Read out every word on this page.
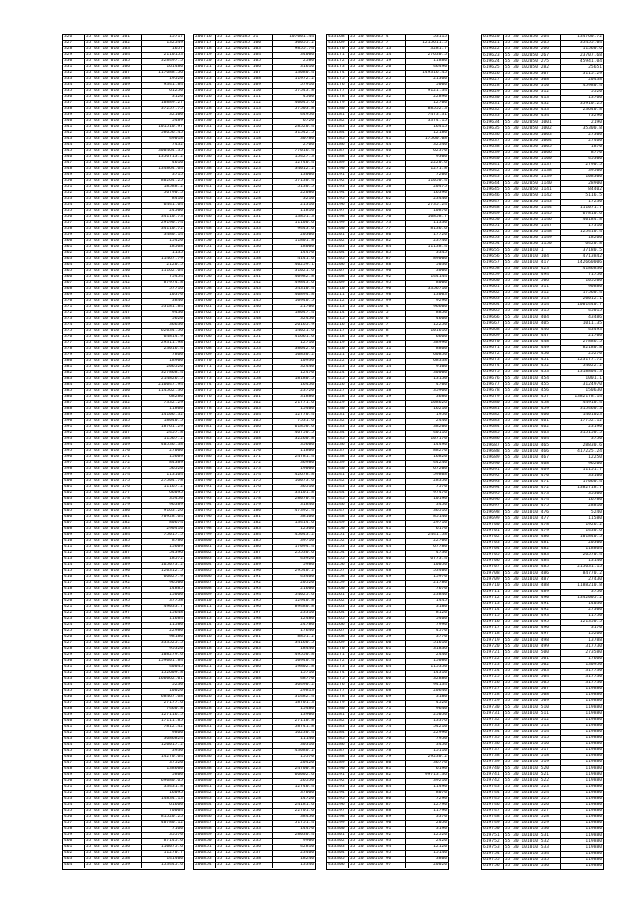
326	55 03 10 010 101	15717
327	55 03 10 010 102	132549
328	55 03 10 010 103	1657
329	55 03 10 010 104	2110153
330	55 03 10 010 105	328497.5
331	55 03 10 010 106	161480
332	55 03 10 010 107	117688.56
333	55 03 10 010 108	19520
334	55 03 10 010 109	9341.84
335	55 03 10 010 110	61250
336	55 03 10 010 111	3120
337	55 03 10 010 112	10889.27
338	55 03 10 010 113	37257.75
339	55 03 10 010 114	32100
340	55 03 10 010 115	5489
341	55 03 10 010 116	101510.97
342	55 03 10 010 117	58656.45
343	55 03 10 010 118	49018
344	55 03 10 010 119	7432
345	55 03 10 010 120	300464.35
346	55 03 10 010 121	1356713.2
347	55 03 10 010 122	4610
348	55 03 10 010 123	134864.64
349	55 03 10 010 124	3715
350	55 03 10 010 125	80264.25
351	55 03 10 010 126	18588.2
352	55 03 10 010 127	56790.5
353	55 03 10 010 128	8410
354	55 03 10 010 129	6441.64
355	55 03 10 010 130	24500
356	55 03 10 010 131	34110.73
357	55 03 10 010 132	29190.74
358	55 03 10 010 133	34110.72
359	55 03 10 010 134	3480.14
360	55 03 10 010 135	15420
361	55 03 10 010 136	18568
362	55 03 10 010 137	1135
363	55 03 10 010 138	11467.79
364	55 03 10 010 139	2120.5
365	55 03 10 010 140	11162.64
366	55 03 10 010 141	75454
367	55 03 10 010 142	87974.8
368	55 03 10 010 143	57716
369	55 03 10 010 144	10370
370	55 03 10 010 145	3840
371	55 03 10 010 146	53181.84
372	55 03 10 010 147	9430
373	55 03 10 010 148	5620
374	55 03 10 010 149	36630
375	55 03 10 010 150	62034.56
376	55 03 10 010 151	64814.9
377	55 03 10 010 152	29311.98
378	55 03 10 010 153	23016.4
379	55 03 10 010 154	7860
380	55 03 10 010 155	18900
381	55 03 10 010 156	206520
382	55 03 10 010 157	327868.4
383	55 03 10 010 158	214826.5
384	55 03 10 010 159	216047.94
385	55 03 10 010 160	114562.36
386	55 03 10 010 161	68280
387	55 03 10 010 162	7332.29
388	55 03 10 010 163	11800
389	55 03 10 010 164	14106.32
390	55 03 10 010 165	18040.5
391	55 03 10 010 166	18761.29
392	55 03 10 010 167	2457.8
393	55 03 10 010 168	11567.2
394	55 03 10 010 169	40536.38
395	55 03 10 010 170	27000
396	55 03 10 010 171	15609
397	55 03 10 010 172	84389
398	55 03 10 010 173	56520
399	55 03 10 010 174	113164
400	55 03 10 010 175	27504.78
401	55 03 10 010 176	11167.2
402	55 03 10 010 177	66095
403	55 03 10 010 178	35450
404	55 03 10 010 179	96389
405	55 03 10 010 180	9163.26
406	55 03 10 010 181	70928.64
407	55 03 10 010 182	80674
408	55 03 10 010 183	290410
409	55 03 10 010 184	75017.5
410	55 03 10 010 185	8780
411	55 03 10 010 186	15609
412	55 03 10 010 187	54396
413	55 03 10 010 188	18572
414	55 03 10 010 189	165073.2
415	55 03 10 010 190	120312.5
416	55 03 10 010 191	66027.9
417	55 03 10 010 192	96500
418	55 03 10 010 193	14885
419	55 03 10 010 194	15060
420	55 03 10 010 195	37758
421	55 03 10 010 196	49033.7
422	55 03 10 010 197	15648
423	55 03 10 010 198	11684
424	55 03 10 010 199	11580
425	55 03 10 010 200	22980
426	55 03 10 010 201	98180
427	55 03 10 010 202	333525.5
428	55 03 10 010 203	95320
429	55 03 10 010 204	108279.6
430	55 03 10 010 205	159001.84
431	55 03 10 010 206	40045
432	55 03 10 010 207	152609.8
433	55 03 10 010 208	166062.01
434	55 03 10 010 209	5230
435	55 03 10 010 210	10020
436	55 03 10 010 211	68467.68
437	55 03 10 010 212	27177.6
438	55 03 10 010 213	7460.8
439	55 03 10 010 214	127116.5
440	55 03 10 010 215	17111.85
441	55 03 10 010 216	7812.42
442	55 03 10 010 217	9860
443	55 03 10 010 218	3686824
444	55 03 10 010 219	120017.2
445	55 03 10 010 220	3930
446	55 03 10 010 221	14270.64
447	55 03 10 010 222	37520
448	55 03 10 010 223	138600
449	55 03 10 010 224	5800
450	55 03 10 010 225	69080.65
451	55 03 10 010 226	33431.8
452	55 03 10 010 227	16095
453	55 03 10 010 228	14834.13
454	55 03 10 010 229	61660
455	55 03 10 010 230	70004
456	55 03 10 010 231	81520.25
457	55 03 10 010 232	40780.12
458	55 03 10 010 233	7160
459	55 03 10 010 234	35570
460	55 03 10 010 235	87145.6
461	55 03 10 010 236	110075.6
462	55 03 10 010 237	11270.7
463	55 03 10 010 238	141400
464	55 03 10 010 239	153445.6
206716	55 12 290185 51	107001.44
206717	55 12 290185 100	30055.2
206718	55 12 290201 103	9855.74
206719	55 12 290201 104	34000
206720	55 12 290201 105	2580
206721	55 12 290201 106	31610
206722	55 12 290201 107	13080.4
206723	55 12 290201 108	11972.2
206724	55 12 290201 109	57910
206725	55 12 290201 110	57543.8
206726	55 12 290201 111	4560
206727	55 12 290201 112	40045.6
206728	55 12 290201 113	57503.8
206729	55 12 290201 114	44950
206730	55 12 290201 115	6720
206731	55 12 290201 116	28520.4
206732	55 12 290201 117	31542.5
206733	55 12 290201 118	30780
206734	55 12 290201 119	2760
206735	55 12 290201 120	77016.4
206736	55 12 290201 121	15427.3
206737	55 12 290201 122	12740.4
206738	55 12 290201 123	34012.2
206739	55 12 290201 124	13000
206740	55 12 290201 125	57130.4
206741	55 12 290201 126	5130.5
206742	55 12 290201 127	22080
206743	55 12 290201 128	3210
206744	55 12 290201 129	21310
206745	55 12 290201 130	11810
206746	55 12 290201 131	13851.3
206747	55 12 290201 132	11100.6
206748	55 12 290201 133	9443.6
206749	55 12 290201 134	20300
206750	55 12 290201 135	11801.8
206751	55 12 290201 136	18000
206752	55 12 290201 137	14470
206753	55 12 290201 138	4141.6
206754	55 12 290201 139	40259.1
206755	55 12 290201 140	31021.6
206756	55 12 290201 141	40982.8
206757	55 12 290201 142	49843.6
206758	55 12 290201 143	54310.4
206759	55 12 290201 144	40894.8
206760	55 12 290201 145	10940.5
206761	55 12 290201 146	21700
206762	55 12 290201 147	18047.4
206763	55 12 290201 148	32450
206764	55 12 290201 149	26165.9
206765	55 12 290201 150	14021.6
206766	55 12 290201 151	41661.6
206767	55 12 290201 152	12710
206768	55 12 290201 153	38042.6
206769	55 12 290201 154	10830.2
206770	55 12 290201 155	10930
206771	55 12 290201 156	32440
206772	55 12 290201 157	12470
206773	55 12 290201 158	18180.5
206774	55 12 290201 159	16450
206775	55 12 290201 160	23720
206776	55 12 290201 161	31880
206777	55 12 290201 162	21771.6
206778	55 12 290201 163	15400
206779	55 12 290201 164	12770.4
206780	55 12 290201 165	7531.6
206781	55 12 290201 166	61850.6
206782	55 12 290201 167	46750.5
206783	55 12 290201 168	32260.8
206784	55 12 290201 169	35600
206785	55 12 290201 170	11800
206786	55 12 290201 171	24781.4
206787	55 12 290201 172	36980
206788	55 12 290201 173	19000
206789	55 12 290201 174	42678.8
206790	55 12 290201 175	16073.6
206791	55 12 290201 176	36510
206792	55 12 290201 177	33101.8
206793	55 12 290201 178	28070.4
206794	55 12 290201 179	31840
206795	55 12 290201 180	47392.4
206796	55 12 290201 181	38160
206797	55 12 290201 182	13414.6
206798	55 12 290201 183	12360
206799	55 12 290201 184	45043.2
206800	55 12 290201 185	39710
206801	55 12 290201 186	17094.4
206802	55 12 290201 187	25530.6
206803	55 12 290201 188	43920
206804	55 12 290201 189	5980
206805	55 12 290201 190	29540.2
206806	55 12 290201 191	43460
206807	55 12 290201 192	20520
206808	55 12 290201 193	21600
206809	55 12 290201 194	54025.6
206810	55 12 290201 195	12940.8
206811	55 12 290201 196	89480.8
206812	55 12 290201 197	23310
206813	55 12 290201 198	12480
206814	55 12 290201 199	24780
206815	55 12 290201 200	17640
206816	55 12 290201 201	8851.2
206817	55 12 290201 202	34160.5
206818	55 12 290201 203	18440
206819	55 12 290201 204	49550.8
206820	55 12 290201 205	10940.4
206821	55 12 290201 206	19802.8
206822	55 12 290201 207	15710
206823	55 12 290201 208	48770
206824	55 12 290201 209	36490.2
206825	55 12 290201 210	29813
206826	55 12 290201 211	31482.4
206827	55 12 290201 212	18701.3
206828	55 12 290201 213	15480
206829	55 12 290201 214	13900
206830	55 12 290201 215	27110.8
206831	55 12 290201 216	58741.8
206832	55 12 290201 217	16230.4
206833	55 12 290201 218	11140
206834	55 12 290201 219	30310
206835	55 12 290201 220	43080.2
206836	55 12 290201 221	15570
206837	55 12 290201 222	20420
206838	55 12 290201 223	24700.8
206839	55 12 290201 224	66002.6
206840	55 12 290201 225	26550
206841	55 12 290201 226	12740.4
206842	55 12 290201 227	37060
206843	55 12 290201 228	14720
206844	55 12 290201 229	24181.6
206845	55 12 290201 230	22701.6
206846	55 12 290201 231	38450
206847	55 12 290201 232	51751.4
206848	55 12 290201 233	14470
206849	55 12 290201 234	28030.4
206850	55 12 290201 235	9900
206851	55 12 290201 236	42810
206852	55 12 290201 237	23460
206853	55 12 290201 238	18240
206854	55 12 290201 239	13340
433168	55 20 080505 4	53115
433169	55 20 080505 7	1215611.5
433170	55 20 080505 13	3281.7
433171	55 20 080505 14	27630.5
433172	55 20 080505 19	11880
433173	55 20 080505 20	46490
433174	55 20 080505 22	149316.45
433175	55 20 080505 25	21360
433176	55 20 080505 27	5000
433177	55 20 080505 28	9121.34
433178	55 20 080505 32	22890
433179	55 20 080505 33	12700
433180	55 20 080505 35	88552.3
433181	55 20 080505 36	7473.31
433182	55 20 080505 37	3374.15
433183	55 20 080505 39	16415
433184	55 20 080505 40	12180
433185	55 20 080505 41	17560.08
433186	55 20 080505 44	32540
433187	55 20 080505 46	62370
433188	55 20 080505 47	9300
433189	55 20 080505 51	2220.6
433190	55 20 080505 52	1271.8
433191	55 20 080505 55	7200
433192	55 20 080505 56	11050.4
433193	55 20 080505 58	20475
433194	55 20 080505 60	16390
433195	55 20 080505 62	23440
433196	55 20 080505 65	2735.24
433197	55 20 080505 66	10870
433198	55 20 080505 70	10858.7
433199	55 20 080505 73	11330
433200	55 20 080505 77	8136.6
433201	55 20 080505 80	17720
433202	55 20 080505 82	23740
433203	55 20 080505 84	11138.4
433204	55 20 080505 85	3345
433205	55 20 080505 87	89000
433206	55 20 080505 88	5030
433207	55 20 080505 90	3000
433208	55 20 080505 92	144144
433209	55 20 080505 95	8000
433210	55 20 080505 96	3356710
433211	55 20 080505 98	13003
433212	55 20 080505 99	9290
433213	55 20 100110 4	96600
433214	55 20 100110 5	8850
433215	55 20 100110 6	4660
433216	55 20 100110 7	12250
433217	55 20 100110 8	101616
433218	55 20 100110 9	6660
433219	55 20 100110 10	38990
433220	55 20 100110 11	8860
433221	55 20 100110 12	60850
433222	55 20 100110 13	68338
433223	55 20 100110 14	9100
433224	55 20 100110 15	30000
433225	55 20 100110 16	13150
433226	55 20 100110 17	4700
433227	55 20 100110 18	35960
433228	55 20 100110 19	3680
433229	55 20 100110 20	108626
433230	55 20 100110 21	16210
433231	55 20 100110 22	1950
433232	55 20 100110 23	2440
433233	55 20 100110 24	38200
433234	55 20 100110 25	40116
433235	55 20 100110 26	107170
433236	55 20 100110 27	14490
433237	55 20 100110 28	88270
433238	55 20 100110 29	16820
433239	55 20 100110 30	44240
433240	55 20 100110 31	67200
433241	55 20 100110 32	59808
433242	55 20 100110 33	28350
433243	55 20 100110 34	7570
433244	55 20 100110 35	97470
433245	55 20 100110 36	10190
433246	55 20 100110 37	3450
433247	55 20 100110 38	36516
433248	55 20 100110 39	85140
433249	55 20 100110 40	29710
433250	55 20 100110 41	6170
433251	55 20 100110 42	2441.58
433252	55 20 100110 43	22700
433253	55 20 100110 44	67780
433254	55 20 100110 45	4730
433255	55 20 100110 46	6773.4
433256	55 20 100110 47	10050
433257	55 20 100110 48	53400
433258	55 20 100110 49	15970
433259	55 20 100110 50	21780
433260	55 20 100110 51	7670
433261	55 20 100110 52	23840
433262	55 20 100110 53	1445
433263	55 20 100110 54	3180
433264	55 20 100110 55	8120
433265	55 20 100110 56	5460
433266	55 20 100110 57	7990
433267	55 20 100110 58	4570
433268	55 20 100110 59	3770
433269	55 20 100110 60	51610
433270	55 20 100110 61	31836
433271	55 20 100110 62	2440
433272	55 20 100110 63	15080
433273	55 20 100110 64	115350
433274	55 20 100110 65	14310
433275	55 20 100110 66	32880
433276	55 20 100110 67	94134
433277	55 20 100110 68	20640
433278	55 20 100110 69	3180
433279	55 20 100110 70	4520
433280	55 20 100110 71	9640
433281	55 20 100110 72	25050
433282	55 20 100110 73	13376
433283	55 20 100110 74	54210
433284	55 20 100110 75	22990
433285	55 20 100110 76	7950
433286	55 20 100110 77	3450
433287	55 20 100110 78	15110
433288	55 20 100110 79	29230.2
433289	55 20 100110 80	36770
433290	55 20 100110 81	6190
433291	55 20 100110 82	99713.36
433292	55 20 100110 83	39210
433293	55 20 100110 84	11490
433294	55 20 100110 85	8070
433295	55 20 100110 86	7290
433296	55 20 100110 87	12790
433297	55 20 100110 88	11790
433298	55 20 100110 89	3370
433299	55 20 100110 90	2050
433300	55 20 100110 91	3190
433301	55 20 100110 92	12520
433302	55 20 100110 93	2420
433303	55 20 100110 94	12120
433304	55 20 100110 95	15140
433305	55 20 100110 96	3800
433306	55 20 100110 97	20020
619620	55 30 102050 264	134760.72
619621	55 30 102050 265	35455.04
619622	55 30 102050 266	11560.6
619623	55 30 102050 267	23707.68
619624	55 30 102050 275	45941.04
619625	55 30 102050 282	25651
619626	55 30 102050 307	3115.29
619627	55 30 102050 308	20438
619628	55 30 102050 310	45980.4
619629	55 30 102050 312	5520
619630	55 30 102050 413	13760
619631	55 30 102050 432	35910.25
619632	55 30 102050 433	23640.8
619633	55 30 102050 434	73290
619634	55 30 102050 1001	2190
619635	55 30 102050 1002	35300.8
619636	55 30 102050 1003	27300
619637	55 30 102050 1004	27460
619638	55 30 102050 1005	1870
619639	55 30 102050 1006	8770
619640	55 30 102050 1100	45300
619641	55 30 102050 1137	2790.5
619642	55 30 102050 1138	39500
619643	55 30 102050 1139	108300
619644	55 30 102050 1140	28900
619645	55 30 102050 1141	84402
619646	55 30 102050 1142	5116.5
619647	55 30 102050 1143	17230
619648	55 30 102050 1144	111071.7
619649	55 30 102050 1145	67810.6
619650	55 30 102050 1146	40184.8
619651	55 30 102050 1147	17310
619652	55 30 102050 1148	125410.4
619653	55 30 102050 1149	18260
619654	55 30 102050 1150	6420.8
619655	55 30 101010 1	37180.5
619656	55 30 101010 104	4713842
619657	55 30 101010 417	142660006
619658	55 30 101010 423	4186830
619659	55 30 101010 494	71750
619660	55 30 101010 506	105200
619661	55 30 101010 311	90880
619662	55 30 101010 312	17560.4
619663	55 30 101010 313	20012.1
619664	55 30 101010 314	1001440.7
619665	55 30 101010 315	45015
619666	55 30 101010 404	43486
619667	55 30 101010 405	1011.35
619668	55 30 101010 446	43493
619669	55 30 101010 447	21700
619670	55 30 101010 448	27886.5
619671	55 30 101010 449	82180.8
619672	55 30 101010 450	25270
619673	55 30 101010 451	123177.72
619674	55 30 101010 452	54022.2
619675	55 30 101010 453	1318804.3
619676	55 30 101010 454	1001.1
619677	55 30 101010 455	3124970
619678	55 30 101010 456	150630
619679	55 30 101010 457	1382178.14
619680	55 30 101010 458	44910.4
619681	55 30 101010 459	315460.3
619682	55 30 101010 460	1401023
619683	55 30 101010 461	17752.12
619684	55 30 101010 462	23190
619685	55 30 101010 463	315150.5
619686	55 30 101010 464	3750
619687	55 30 101010 465	28830.6
619688	55 30 101010 466	417225.24
619689	55 30 101010 467	12250
619690	55 30 101010 468	96200
619691	55 30 101010 469	11151.7
619692	55 30 101010 470	33100
619693	55 30 101010 471	17060.4
619694	55 30 101010 472	1382718.7
619695	55 30 101010 473	35300
619696	55 30 101010 474	16780
619697	55 30 101010 475	28810
619698	55 30 101010 476	5240
619699	55 30 101010 477	11580
619700	55 30 101010 478	1926.2
619701	55 30 101010 479	1430.6
619702	55 30 101010 480	101840.5
619703	55 30 101010 481	20300
619704	55 30 101010 482	118864
619705	55 30 101010 483	26570.4
619706	55 30 101010 484	13140
619707	55 30 101010 485	215631.15
619708	55 30 101010 486	84770.2
619709	55 30 101010 487	27430
619710	55 30 101010 488	1188210.8
619711	55 30 101010 489	3750
619712	55 30 101010 490	1342005.2
619713	55 30 101010 491	14030
619714	55 30 101010 492	27300
619715	55 30 101010 493	11750
619716	55 30 101010 495	121350.5
619717	55 30 101010 496	3170
619718	55 30 101010 497	15260
619719	55 30 101010 498	13788
619720	55 30 101010 499	317730
619721	55 30 101010 500	273580
619722	55 30 101010 501	17660
619723	55 30 101010 502	130950
619724	55 30 101010 503	317730
619725	55 30 101010 504	317730
619726	55 30 101010 505	317730
619727	55 30 101010 507	119880
619728	55 30 101010 508	119880
619729	55 30 101010 509	119880
619730	55 30 101010 510	119880
619731	55 30 101010 511	119880
619732	55 30 101010 512	119880
619733	55 30 101010 513	119880
619734	55 30 101010 514	119880
619735	55 30 101010 515	119880
619736	55 30 101010 516	119880
619737	55 30 101010 517	119880
619738	55 30 101010 518	119880
619739	55 30 101010 519	119880
619740	55 30 101010 520	119880
619741	55 30 101010 521	119880
619742	55 30 101010 522	119880
619743	55 30 101010 523	119880
619744	55 30 101010 524	119880
619745	55 30 101010 525	119880
619746	55 30 101010 526	119880
619747	55 30 101010 527	119880
619748	55 30 101010 528	119880
619749	55 30 101010 529	119880
619750	55 30 101010 530	119880
619751	55 30 101010 531	119880
619752	55 30 101010 532	119880
619753	55 30 101010 533	119880
619754	55 30 101010 534	119880
619755	55 30 101010 535	119880
619756	55 30 101010 536	119880
